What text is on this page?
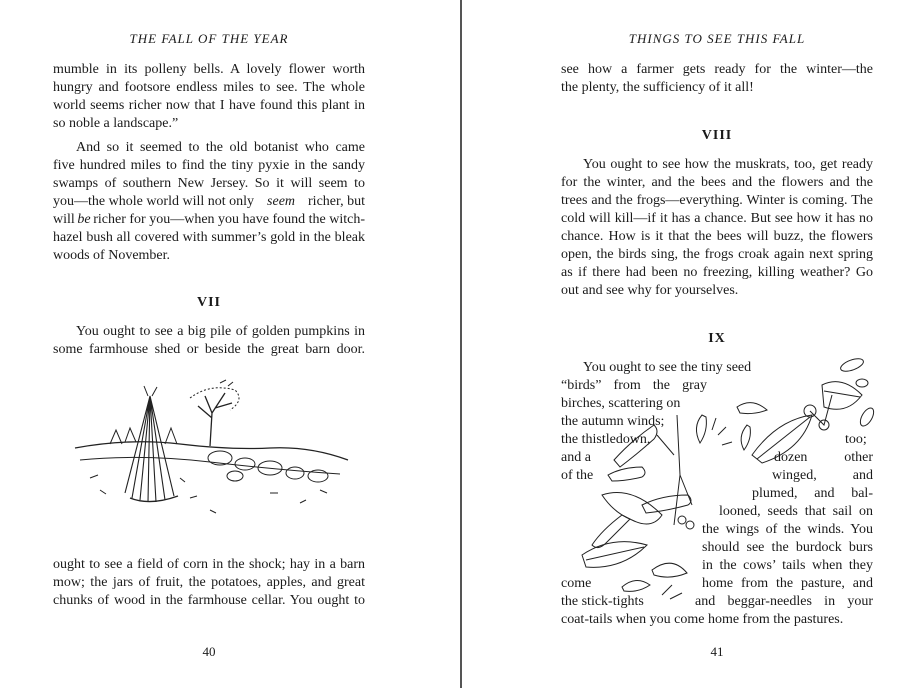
THE FALL OF THE YEAR
mumble in its polleny bells. A lovely flower worth
hungry and footsore endless miles to see. The whole
world seems richer now that I have found this plant in
so noble a landscape.”
And so it seemed to the old botanist who came
five hundred miles to find the tiny pyxie in the sandy
swamps of southern New Jersey. So it will seem to
you—the whole world will not only seem richer, but
will be richer for you—when you have found the witch-
hazel bush all covered with summer’s gold in the bleak
woods of November.
VII
You ought to see a big pile of golden pumpkins in
some farmhouse shed or beside the great barn door.
ought to see a field of corn in the shock; hay in a barn
mow; the jars of fruit, the potatoes, apples, and great
chunks of wood in the farmhouse cellar. You ought to
40
THINGS TO SEE THIS FALL
see how a farmer gets ready for the winter—the
the plenty, the sufficiency of it all!
VIII
You ought to see how the muskrats, too, get ready
for the winter, and the bees and the flowers and the
trees and the frogs—everything. Winter is coming. The
cold will kill—if it has a chance. But see how it has no
chance. How is it that the bees will buzz, the flowers
open, the birds sing, the frogs croak again next spring
as if there had been no freezing, killing weather? Go
out and see why for yourselves.
IX
You ought to see the tiny seed
“birds” from the gray
birches, scattering on
the autumn winds;
the thistledown,	too;
and a	dozen other
of the	winged, and
plumed, and bal-
looned, seeds that sail on
the wings of the winds. You
should see the burdock burs
in the cows’ tails when they
come	home from the pasture, and
the stick-tights	and beggar-needles in your
coat-tails when you come home from the pastures.
41
